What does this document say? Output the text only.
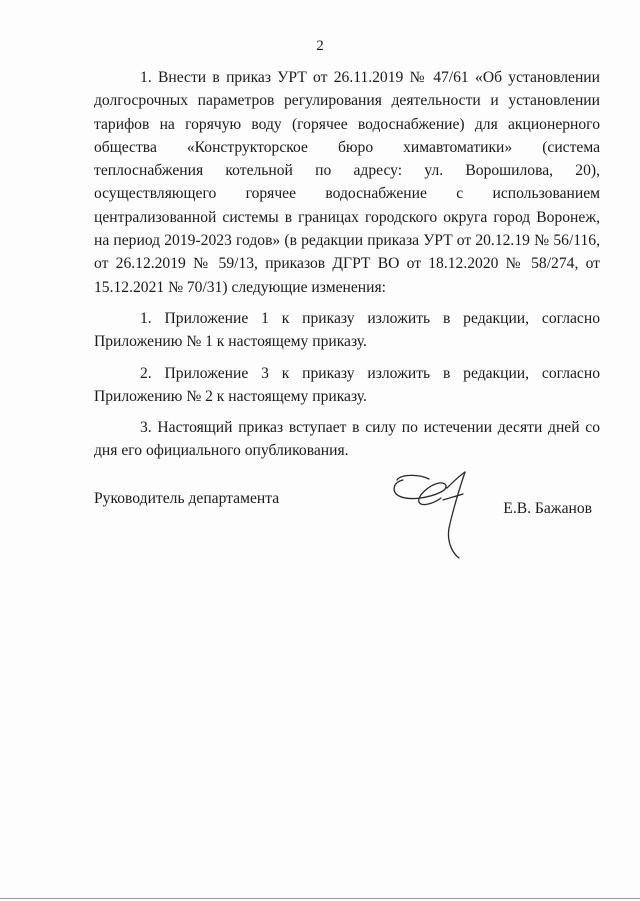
2

1. Внести в приказ УРТ от 26.11.2019 № 47/61 «Об установлении долгосрочных параметров регулирования деятельности и установлении тарифов на горячую воду (горячее водоснабжение) для акционерного общества «Конструкторское бюро химавтоматики» (система теплоснабжения котельной по адресу: ул. Ворошилова, 20), осуществляющего горячее водоснабжение с использованием централизованной системы в границах городского округа город Воронеж, на период 2019-2023 годов» (в редакции приказа УРТ от 20.12.19 № 56/116, от 26.12.2019 № 59/13, приказов ДГРТ ВО от 18.12.2020 № 58/274, от 15.12.2021 № 70/31) следующие изменения:

1. Приложение 1 к приказу изложить в редакции, согласно Приложению № 1 к настоящему приказу.

2. Приложение 3 к приказу изложить в редакции, согласно Приложению № 2 к настоящему приказу.

3. Настоящий приказ вступает в силу по истечении десяти дней со дня его официального опубликования.

Руководитель департамента
Е.В. Бажанов
